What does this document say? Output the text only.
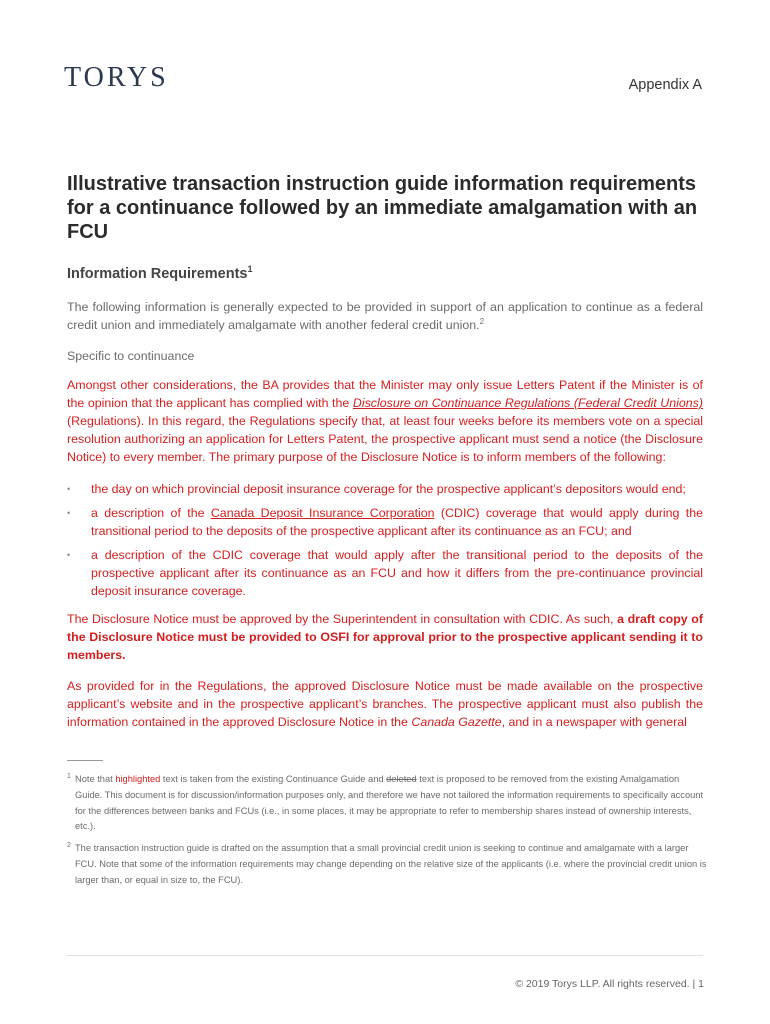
TORYS	Appendix A
Illustrative transaction instruction guide information requirements for a continuance followed by an immediate amalgamation with an FCU
Information Requirements$^1$

The following information is generally expected to be provided in support of an application to continue as a federal credit union and immediately amalgamate with another federal credit union.$^2$

Specific to continuance

Amongst other considerations, the BA provides that the Minister may only issue Letters Patent if the Minister is of the opinion that the applicant has complied with the Disclosure on Continuance Regulations (Federal Credit Unions) (Regulations). In this regard, the Regulations specify that, at least four weeks before its members vote on a special resolution authorizing an application for Letters Patent, the prospective applicant must send a notice (the Disclosure Notice) to every member. The primary purpose of the Disclosure Notice is to inform members of the following:

• the day on which provincial deposit insurance coverage for the prospective applicant’s depositors would end;
• a description of the Canada Deposit Insurance Corporation (CDIC) coverage that would apply during the transitional period to the deposits of the prospective applicant after its continuance as an FCU; and
• a description of the CDIC coverage that would apply after the transitional period to the deposits of the prospective applicant after its continuance as an FCU and how it differs from the pre-continuance provincial deposit insurance coverage.

The Disclosure Notice must be approved by the Superintendent in consultation with CDIC. As such, a draft copy of the Disclosure Notice must be provided to OSFI for approval prior to the prospective applicant sending it to members.

As provided for in the Regulations, the approved Disclosure Notice must be made available on the prospective applicant’s website and in the prospective applicant’s branches. The prospective applicant must also publish the information contained in the approved Disclosure Notice in the Canada Gazette, and in a newspaper with general

1 Note that highlighted text is taken from the existing Continuance Guide and deleted text is proposed to be removed from the existing Amalgamation Guide. This document is for discussion/information purposes only, and therefore we have not tailored the information requirements to specifically account for the differences between banks and FCUs (i.e., in some places, it may be appropriate to refer to membership shares instead of ownership interests, etc.).
2 The transaction instruction guide is drafted on the assumption that a small provincial credit union is seeking to continue and amalgamate with a larger FCU. Note that some of the information requirements may change depending on the relative size of the applicants (i.e. where the provincial credit union is larger than, or equal in size to, the FCU).
© 2019 Torys LLP. All rights reserved. | 1
